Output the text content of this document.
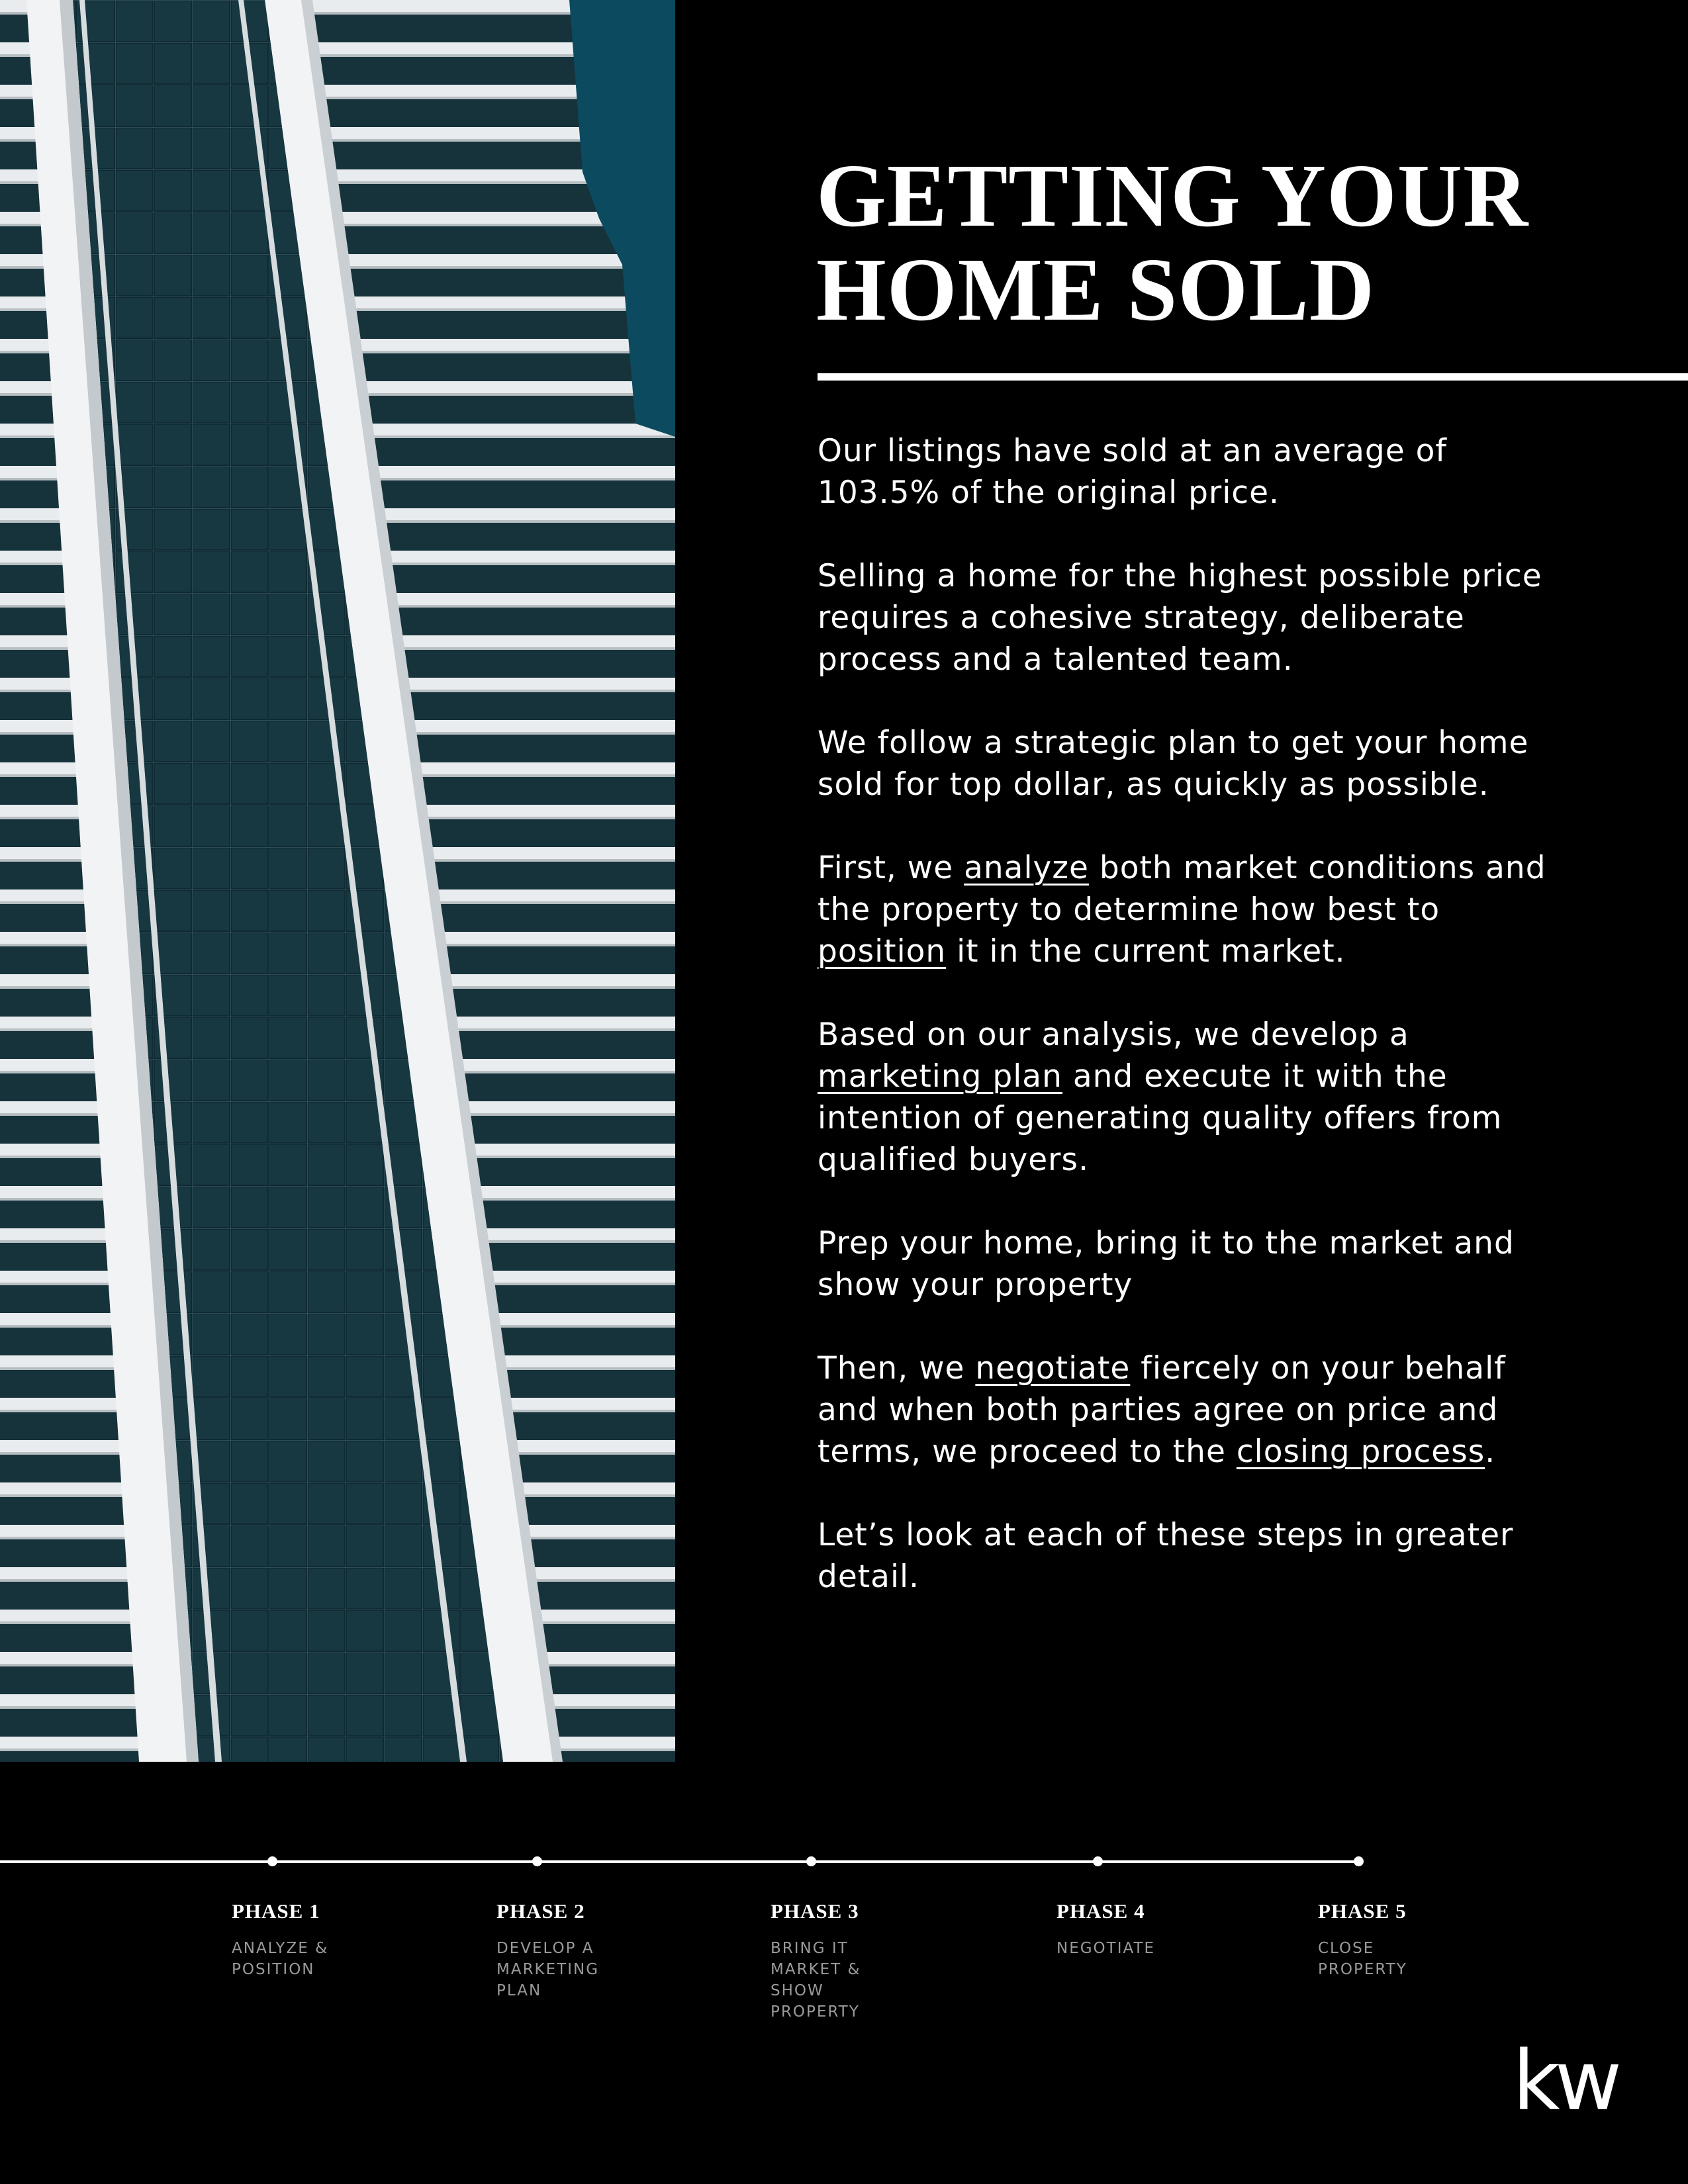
GETTING YOUR
HOME SOLD

Our listings have sold at an average of 103.5% of the original price.

Selling a home for the highest possible price requires a cohesive strategy, deliberate process and a talented team.

We follow a strategic plan to get your home sold for top dollar, as quickly as possible.

First, we analyze both market conditions and the property to determine how best to position it in the current market.

Based on our analysis, we develop a marketing plan and execute it with the intention of generating quality offers from qualified buyers.

Prep your home, bring it to the market and show your property

Then, we negotiate fiercely on your behalf and when both parties agree on price and terms, we proceed to the closing process.

Let’s look at each of these steps in greater detail.

PHASE 1
ANALYZE &
POSITION
PHASE 2
DEVELOP A
MARKETING
PLAN
PHASE 3
BRING IT
MARKET &
SHOW
PROPERTY
PHASE 4
NEGOTIATE
PHASE 5
CLOSE
PROPERTY
kw
